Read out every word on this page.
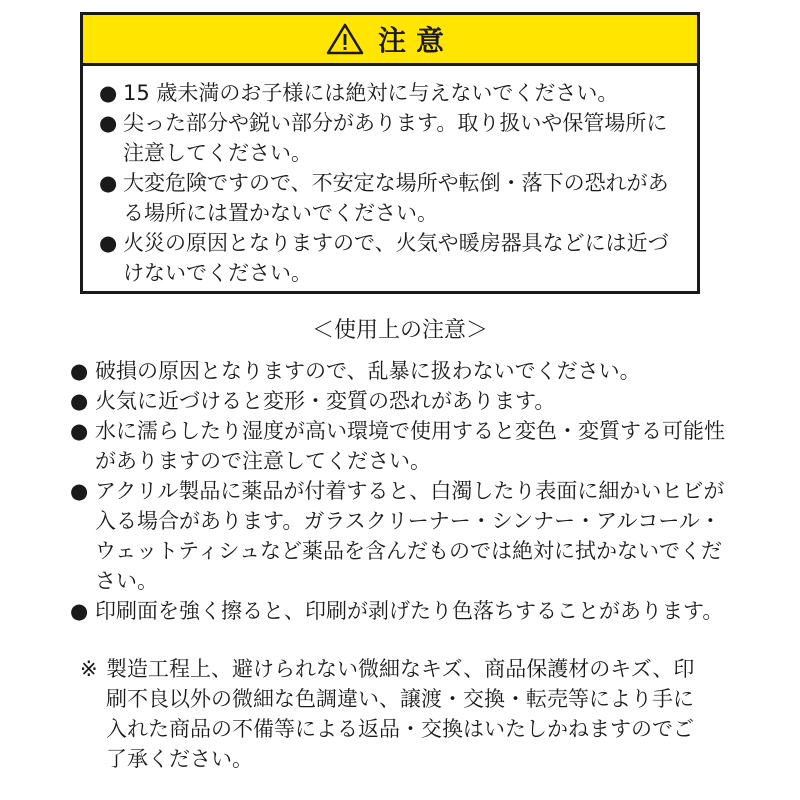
注意
● 15 歳未満のお子様には絶対に与えないでください。
● 尖った部分や鋭い部分があります。取り扱いや保管場所に注意してください。
● 大変危険ですので、不安定な場所や転倒・落下の恐れがある場所には置かないでください。
● 火災の原因となりますので、火気や暖房器具などには近づけないでください。
＜使用上の注意＞
● 破損の原因となりますので、乱暴に扱わないでください。
● 火気に近づけると変形・変質の恐れがあります。
● 水に濡らしたり湿度が高い環境で使用すると変色・変質する可能性がありますので注意してください。
● アクリル製品に薬品が付着すると、白濁したり表面に細かいヒビが入る場合があります。ガラスクリーナー・シンナー・アルコール・ウェットティシュなど薬品を含んだものでは絶対に拭かないでください。
● 印刷面を強く擦ると、印刷が剥げたり色落ちすることがあります。
※ 製造工程上、避けられない微細なキズ、商品保護材のキズ、印刷不良以外の微細な色調違い、譲渡・交換・転売等により手に入れた商品の不備等による返品・交換はいたしかねますのでご了承ください。
